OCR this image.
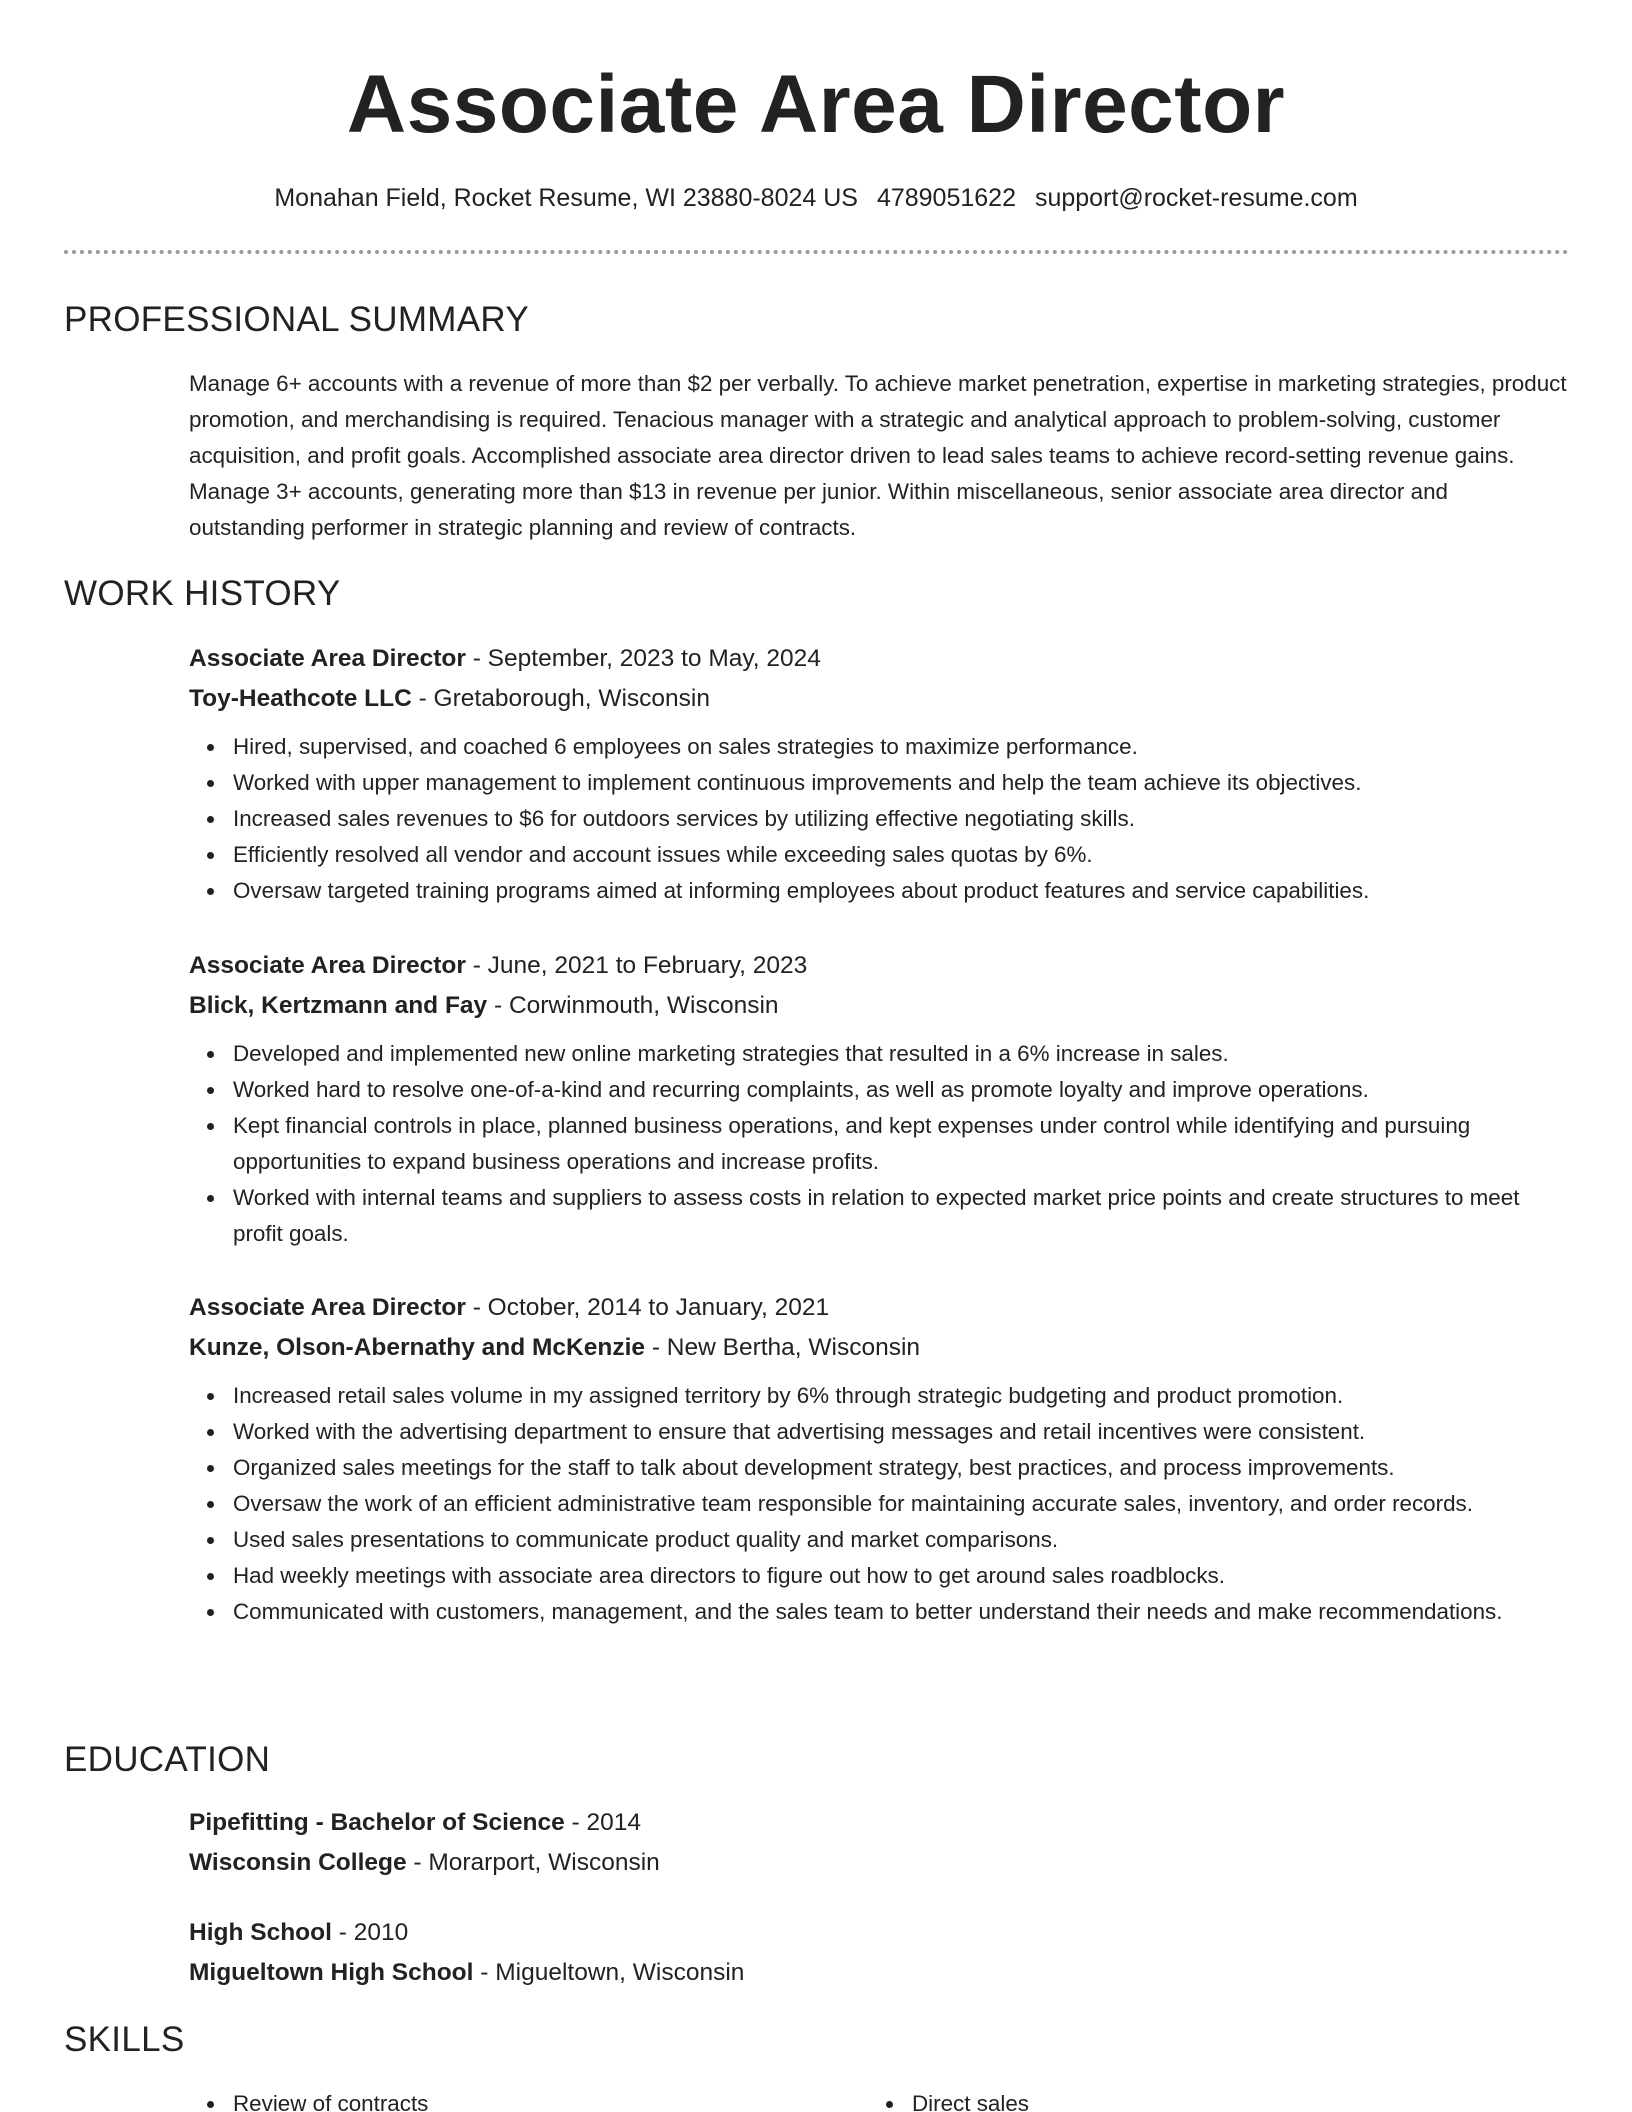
Associate Area Director
Monahan Field, Rocket Resume, WI 23880-8024 US 4789051622 support@rocket-resume.com
PROFESSIONAL SUMMARY

Manage 6+ accounts with a revenue of more than $2 per verbally. To achieve market penetration, expertise in marketing strategies, product promotion, and merchandising is required. Tenacious manager with a strategic and analytical approach to problem-solving, customer acquisition, and profit goals. Accomplished associate area director driven to lead sales teams to achieve record-setting revenue gains. Manage 3+ accounts, generating more than $13 in revenue per junior. Within miscellaneous, senior associate area director and outstanding performer in strategic planning and review of contracts.

WORK HISTORY
Associate Area Director - September, 2023 to May, 2024
Toy-Heathcote LLC - Gretaborough, Wisconsin
Hired, supervised, and coached 6 employees on sales strategies to maximize performance.
Worked with upper management to implement continuous improvements and help the team achieve its objectives.
Increased sales revenues to $6 for outdoors services by utilizing effective negotiating skills.
Efficiently resolved all vendor and account issues while exceeding sales quotas by 6%.
Oversaw targeted training programs aimed at informing employees about product features and service capabilities.
Associate Area Director - June, 2021 to February, 2023
Blick, Kertzmann and Fay - Corwinmouth, Wisconsin
Developed and implemented new online marketing strategies that resulted in a 6% increase in sales.
Worked hard to resolve one-of-a-kind and recurring complaints, as well as promote loyalty and improve operations.
Kept financial controls in place, planned business operations, and kept expenses under control while identifying and pursuing opportunities to expand business operations and increase profits.
Worked with internal teams and suppliers to assess costs in relation to expected market price points and create structures to meet profit goals.
Associate Area Director - October, 2014 to January, 2021
Kunze, Olson-Abernathy and McKenzie - New Bertha, Wisconsin
Increased retail sales volume in my assigned territory by 6% through strategic budgeting and product promotion.
Worked with the advertising department to ensure that advertising messages and retail incentives were consistent.
Organized sales meetings for the staff to talk about development strategy, best practices, and process improvements.
Oversaw the work of an efficient administrative team responsible for maintaining accurate sales, inventory, and order records.
Used sales presentations to communicate product quality and market comparisons.
Had weekly meetings with associate area directors to figure out how to get around sales roadblocks.
Communicated with customers, management, and the sales team to better understand their needs and make recommendations.
EDUCATION
Pipefitting - Bachelor of Science - 2014
Wisconsin College - Morarport, Wisconsin
High School - 2010
Migueltown High School - Migueltown, Wisconsin
SKILLS
Review of contracts	Direct sales
